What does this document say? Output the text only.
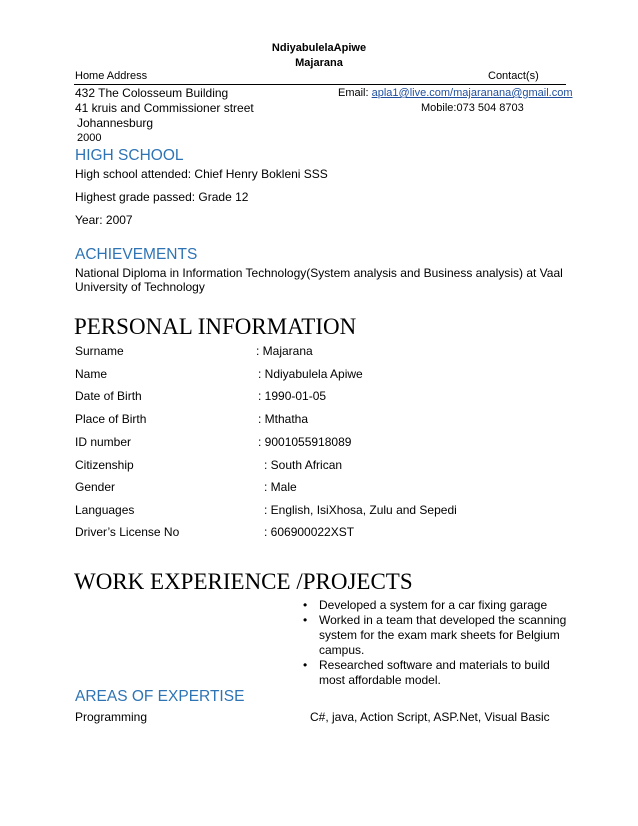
NdiyabulelaApiwe
Majarana
Home Address	Contact(s)
432 The Colosseum Building
41 kruis and Commissioner street
Johannesburg
2000
Email: apla1@live.com/majaranana@gmail.com
Mobile:073 504 8703
HIGH SCHOOL
High school attended: Chief Henry Bokleni SSS
Highest grade passed: Grade 12
Year: 2007
ACHIEVEMENTS
National Diploma in Information Technology(System analysis and Business analysis) at Vaal
University of Technology
PERSONAL INFORMATION
Surname	: Majarana
Name	: Ndiyabulela Apiwe
Date of Birth	: 1990-01-05
Place of Birth	: Mthatha
ID number	: 9001055918089
Citizenship	: South African
Gender	: Male
Languages	: English, IsiXhosa, Zulu and Sepedi
Driver’s License No	: 606900022XST
WORK EXPERIENCE /PROJECTS
• Developed a system for a car fixing garage
• Worked in a team that developed the scanning system for the exam mark sheets for Belgium campus.
• Researched software and materials to build most affordable model.
AREAS OF EXPERTISE
Programming	C#, java, Action Script, ASP.Net, Visual Basic
